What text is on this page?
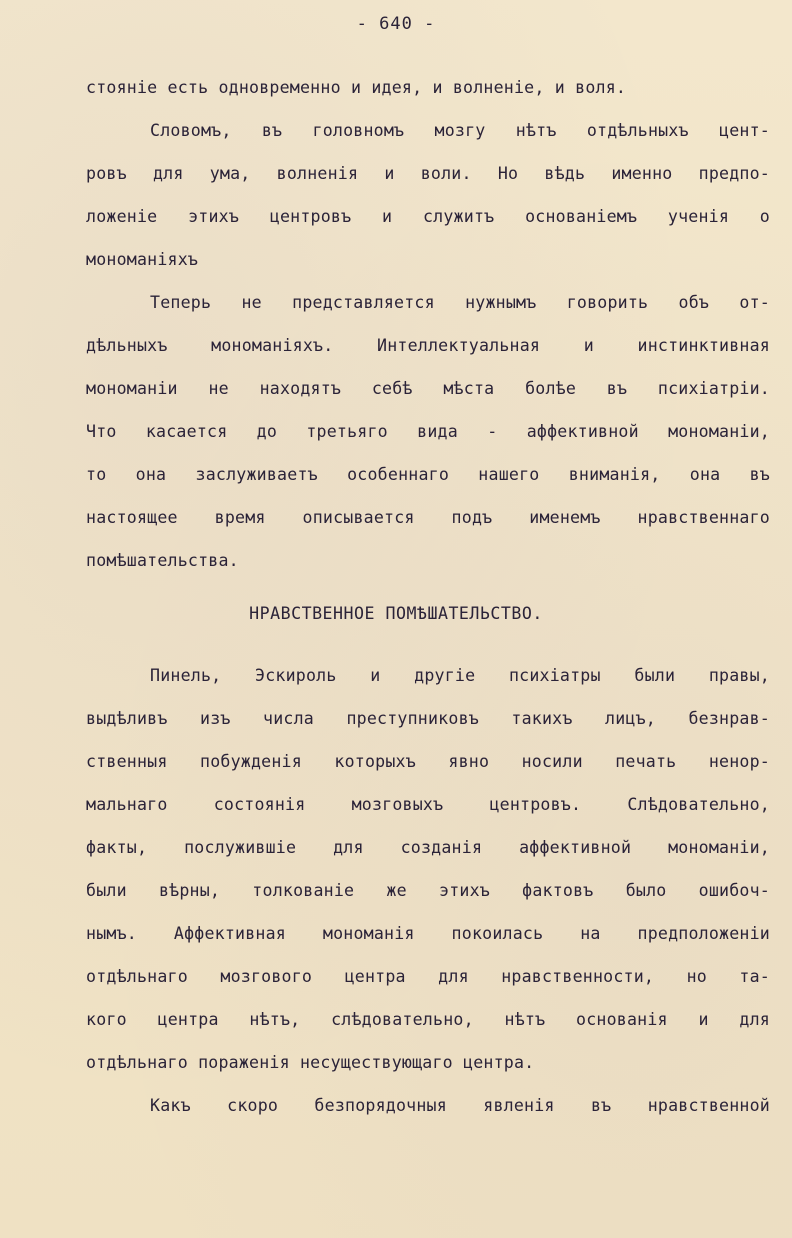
- 640 -
стоянiе есть одновременно и идея, и волненiе, и воля.
Словомъ, въ головномъ мозгу нѣтъ отдѣльныхъ цент-
ровъ для ума, волненiя и воли. Но вѣдь именно предпо-
ложенiе этихъ центровъ и служитъ основанiемъ ученiя о
мономанiяхъ
Теперь не представляется нужнымъ говорить объ от-
дѣльныхъ мономанiяхъ. Интеллектуальная и инстинктивная
мономанiи не находятъ себѣ мѣста болѣе въ психiатрiи.
Что касается до третьяго вида - аффективной мономанiи,
то она заслуживаетъ особеннаго нашего вниманiя, она въ
настоящее время описывается подъ именемъ нравственнаго
помѣшательства.
НРАВСТВЕННОЕ ПОМѢШАТЕЛЬСТВО.
Пинель, Эскироль и другiе психiатры были правы,
выдѣливъ изъ числа преступниковъ такихъ лицъ, безнрав-
ственныя побужденiя которыхъ явно носили печать ненор-
мальнаго состоянiя мозговыхъ центровъ. Слѣдовательно,
факты, послужившiе для созданiя аффективной мономанiи,
были вѣрны, толкованiе же этихъ фактовъ было ошибоч-
нымъ. Аффективная мономанiя покоилась на предположенiи
отдѣльнаго мозгового центра для нравственности, но та-
кого центра нѣтъ, слѣдовательно, нѣтъ основанiя и для
отдѣльнаго пораженiя несуществующаго центра.
Какъ скоро безпорядочныя явленiя въ нравственной
